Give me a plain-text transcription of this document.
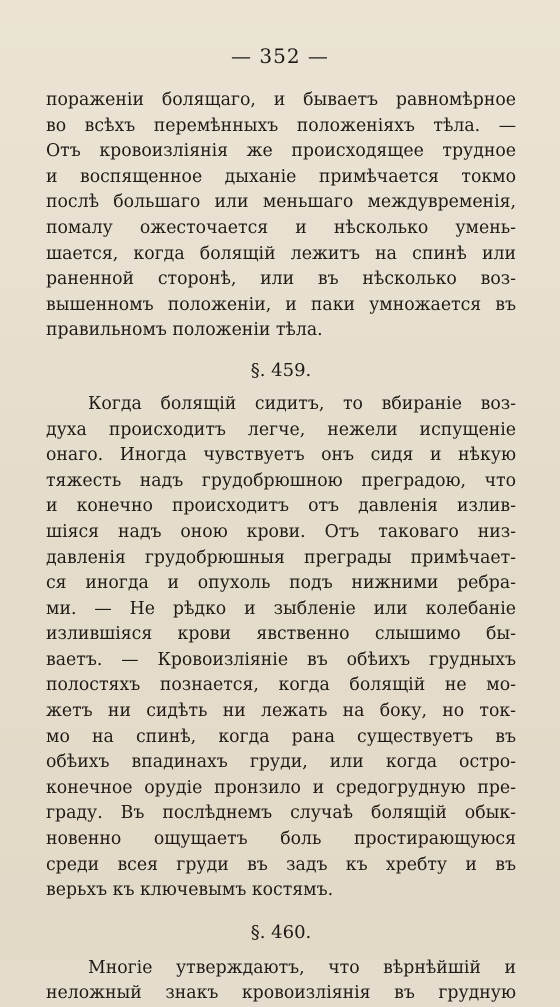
— 352 —
пораженіи болящаго, и бываетъ равномѣрное
во всѣхъ перемѣнныхъ положеніяхъ тѣла. —
Отъ кровоизлiянія же происходящее трудное
и воспященное дыханіе примѣчается токмо
послѣ большаго или меньшаго междувременія,
помалу ожесточается и нѣсколько умень-
шается, когда болящій лежитъ на спинѣ или
раненной сторонѣ, или въ нѣсколько воз-
вышенномъ положеніи, и паки умножается въ
правильномъ положеніи тѣла.
§. 459.
Когда болящій сидитъ, то вбираніе воз-
духа происходитъ легче, нежели испущеніе
онаго. Иногда чувствуетъ онъ сидя и нѣкую
тяжесть надъ грудобрюшною преградою, что
и конечно происходитъ отъ давленія излив-
шіяся надъ оною крови. Отъ таковаго низ-
давленія грудобрюшныя преграды примѣчает-
ся иногда и опухоль подъ нижними ребра-
ми. — Не рѣдко и зыбленіе или колебаніе
излившіяся крови явственно слышимо бы-
ваетъ. — Кровоизлiяніе въ обѣихъ грудныхъ
полостяхъ познается, когда болящій не мо-
жетъ ни сидѣть ни лежать на боку, но ток-
мо на спинѣ, когда рана существуетъ въ
обѣихъ впадинахъ груди, или когда остро-
конечное орудіе пронзило и средогрудную пре-
граду. Въ послѣднемъ случаѣ болящій обык-
новенно ощущаетъ боль простирающуюся
среди всея груди въ задъ къ хребту и въ
верьхъ къ ключевымъ костямъ.
§. 460.
Многіе утверждаютъ, что вѣрнѣйшій и
неложный знакъ кровоизлiянія въ грудную
